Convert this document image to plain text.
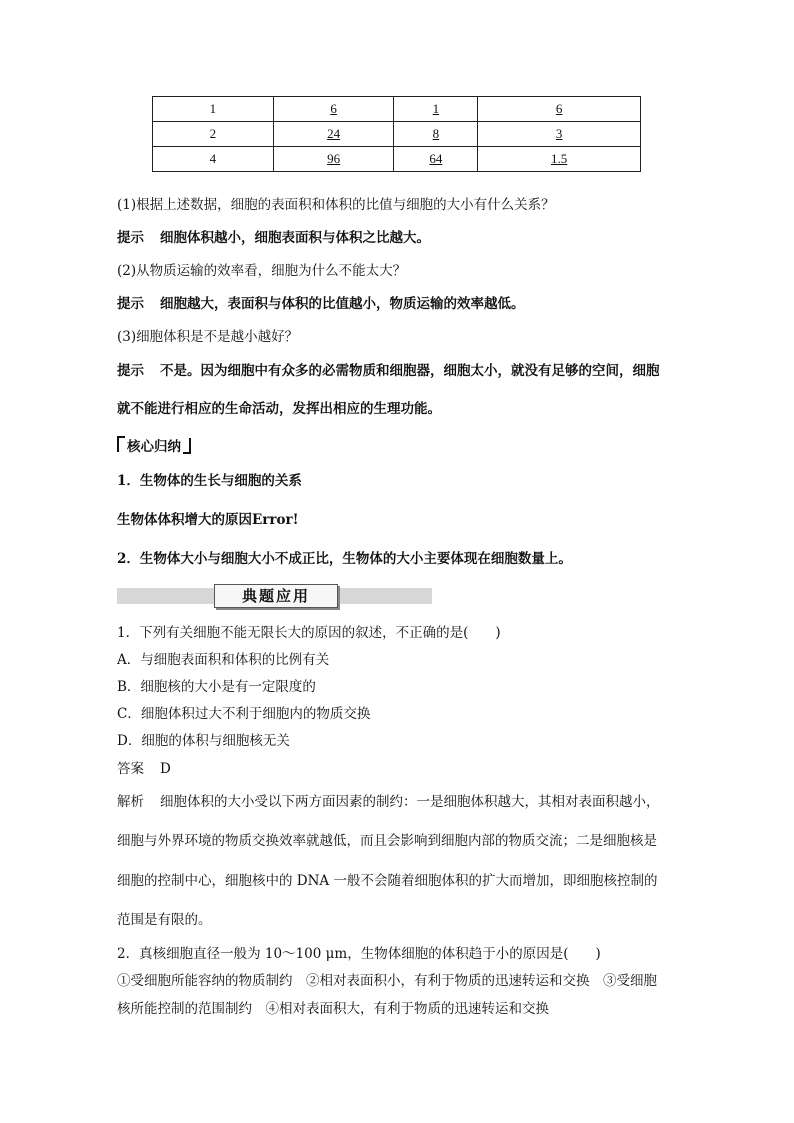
1	6	1	6
2	24	8	3
4	96	64	1.5
(1)根据上述数据，细胞的表面积和体积的比值与细胞的大小有什么关系？
提示 细胞体积越小，细胞表面积与体积之比越大。
(2)从物质运输的效率看，细胞为什么不能太大？
提示 细胞越大，表面积与体积的比值越小，物质运输的效率越低。
(3)细胞体积是不是越小越好？
提示 不是。因为细胞中有众多的必需物质和细胞器，细胞太小，就没有足够的空间，细胞
就不能进行相应的生命活动，发挥出相应的生理功能。
核心归纳
1．生物体的生长与细胞的关系
生物体体积增大的原因Error!
2．生物体大小与细胞大小不成正比，生物体的大小主要体现在细胞数量上。
典题应用
1．下列有关细胞不能无限长大的原因的叙述，不正确的是(　　)
A．与细胞表面积和体积的比例有关
B．细胞核的大小是有一定限度的
C．细胞体积过大不利于细胞内的物质交换
D．细胞的体积与细胞核无关
答案 D
解析 细胞体积的大小受以下两方面因素的制约：一是细胞体积越大，其相对表面积越小，
细胞与外界环境的物质交换效率就越低，而且会影响到细胞内部的物质交流；二是细胞核是
细胞的控制中心，细胞核中的 DNA 一般不会随着细胞体积的扩大而增加，即细胞核控制的
范围是有限的。
2．真核细胞直径一般为 10～100 μm，生物体细胞的体积趋于小的原因是(　　)
①受细胞所能容纳的物质制约　②相对表面积小，有利于物质的迅速转运和交换　③受细胞
核所能控制的范围制约　④相对表面积大，有利于物质的迅速转运和交换
